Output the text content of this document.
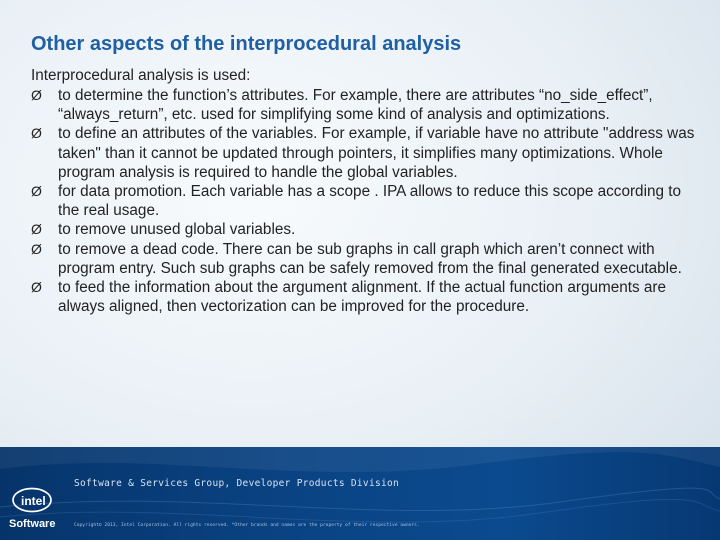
Other aspects of the interprocedural analysis
Interprocedural analysis is used:
Ø to determine the function’s attributes. For example, there are attributes “no_side_effect”, “always_return”, etc. used for simplifying some kind of analysis and optimizations.
Ø to define an attributes of the variables. For example, if variable have no attribute "address was taken" than it cannot be updated through pointers, it simplifies many optimizations. Whole program analysis is required to handle the global variables.
Ø for data promotion. Each variable has a scope . IPA allows to reduce this scope according to the real usage.
Ø to remove unused global variables.
Ø to remove a dead code. There can be sub graphs in call graph which aren’t connect with program entry. Such sub graphs can be safely removed from the final generated executable.
Ø to feed the information about the argument alignment. If the actual function arguments are always aligned, then vectorization can be improved for the procedure.
intel
Software
Software & Services Group, Developer Products Division
Copyright© 2013, Intel Corporation. All rights reserved. *Other brands and names are the property of their respective owners.
